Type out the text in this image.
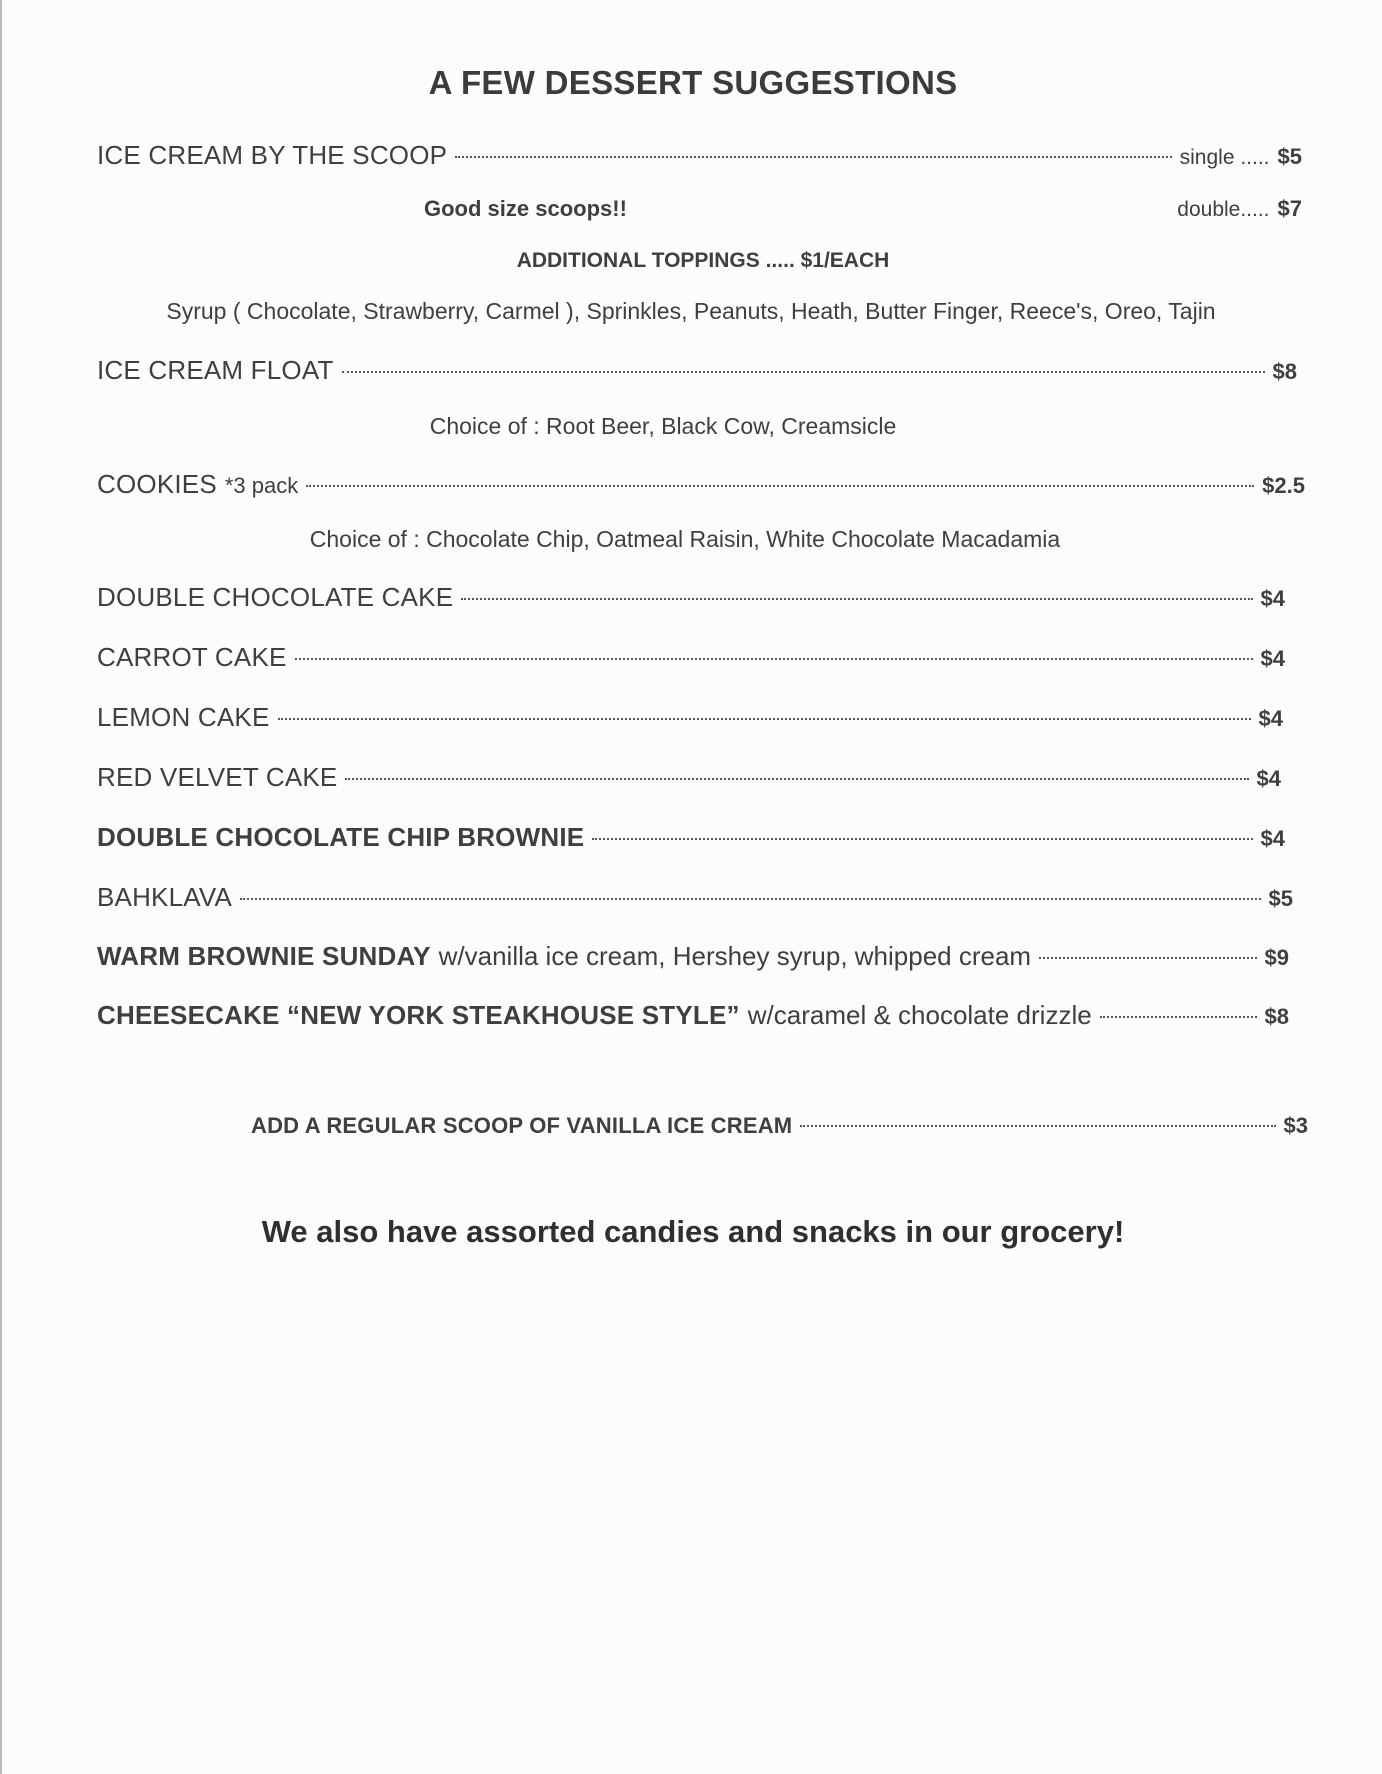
A FEW DESSERT SUGGESTIONS
ICE CREAM BY THE SCOOP	single ..... $5
Good size scoops!!	double..... $7
ADDITIONAL TOPPINGS ..... $1/EACH
Syrup ( Chocolate, Strawberry, Carmel ), Sprinkles, Peanuts, Heath, Butter Finger, Reece's, Oreo, Tajin
ICE CREAM FLOAT	$8
Choice of : Root Beer, Black Cow, Creamsicle
COOKIES *3 pack	$2.5
Choice of : Chocolate Chip, Oatmeal Raisin, White Chocolate Macadamia
DOUBLE CHOCOLATE CAKE	$4
CARROT CAKE	$4
LEMON CAKE	$4
RED VELVET CAKE	$4
DOUBLE CHOCOLATE CHIP BROWNIE	$4
BAHKLAVA	$5
WARM BROWNIE SUNDAY w/vanilla ice cream, Hershey syrup, whipped cream	$9
CHEESECAKE “NEW YORK STEAKHOUSE STYLE” w/caramel & chocolate drizzle	$8
ADD A REGULAR SCOOP OF VANILLA ICE CREAM	$3
We also have assorted candies and snacks in our grocery!
